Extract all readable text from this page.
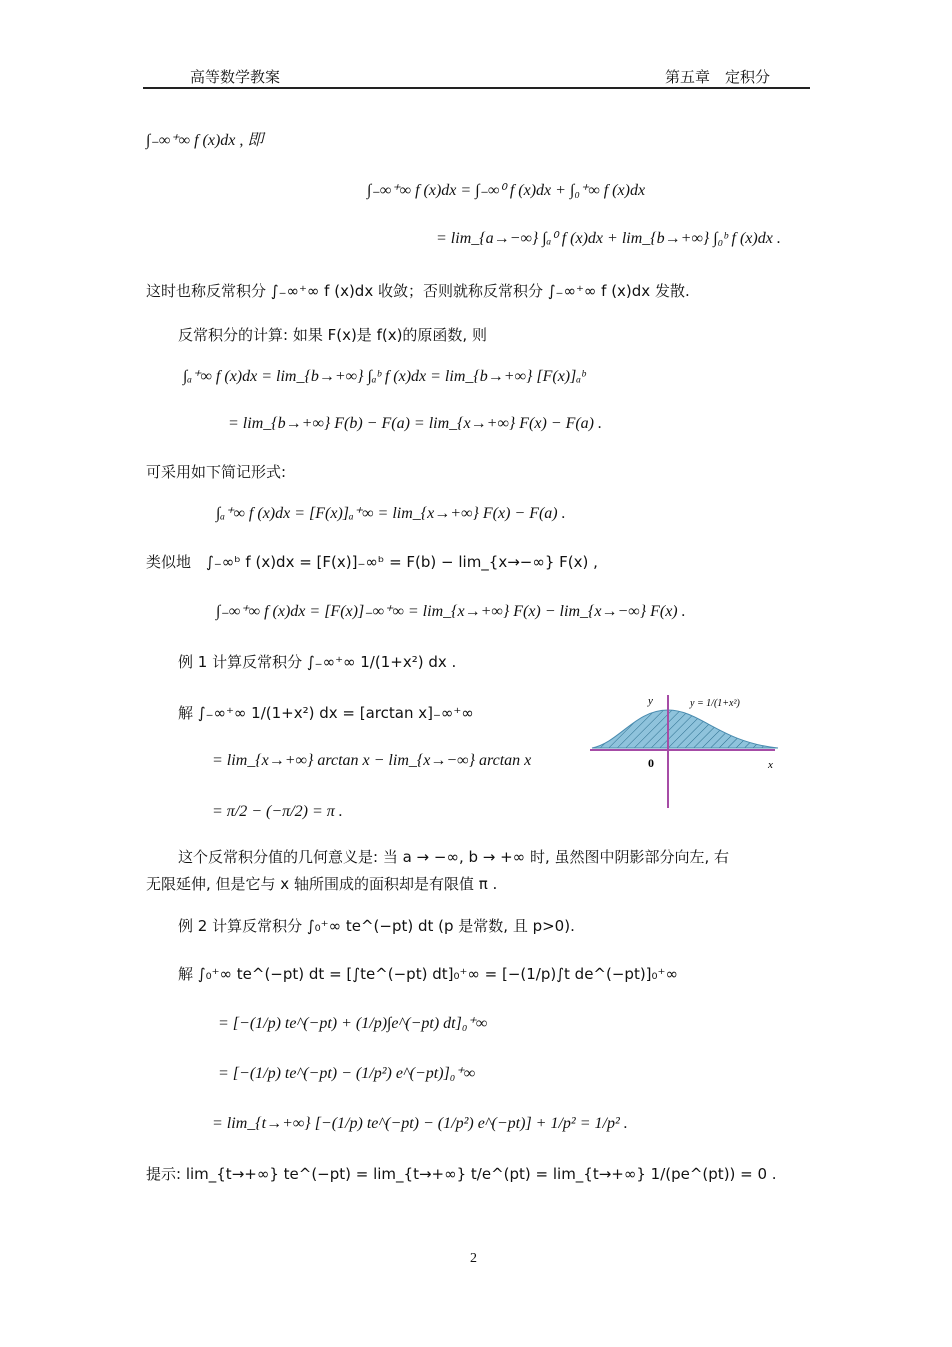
高等数学教案	第五章　定积分
∫₋∞⁺∞ f (x)dx , 即
∫₋∞⁺∞ f (x)dx = ∫₋∞⁰ f (x)dx + ∫₀⁺∞ f (x)dx
= lim_{a→−∞} ∫ₐ⁰ f (x)dx + lim_{b→+∞} ∫₀ᵇ f (x)dx .
这时也称反常积分 ∫₋∞⁺∞ f (x)dx 收敛；否则就称反常积分 ∫₋∞⁺∞ f (x)dx 发散.
反常积分的计算: 如果 F(x)是 f(x)的原函数, 则
∫ₐ⁺∞ f (x)dx = lim_{b→+∞} ∫ₐᵇ f (x)dx = lim_{b→+∞} [F(x)]ₐᵇ
= lim_{b→+∞} F(b) − F(a) = lim_{x→+∞} F(x) − F(a) .
可采用如下简记形式:
∫ₐ⁺∞ f (x)dx = [F(x)]ₐ⁺∞ = lim_{x→+∞} F(x) − F(a) .
类似地　∫₋∞ᵇ f (x)dx = [F(x)]₋∞ᵇ = F(b) − lim_{x→−∞} F(x) ,
∫₋∞⁺∞ f (x)dx = [F(x)]₋∞⁺∞ = lim_{x→+∞} F(x) − lim_{x→−∞} F(x) .
例 1 计算反常积分 ∫₋∞⁺∞ 1/(1+x²) dx .
解 ∫₋∞⁺∞ 1/(1+x²) dx = [arctan x]₋∞⁺∞
= lim_{x→+∞} arctan x − lim_{x→−∞} arctan x
= π/2 − (−π/2) = π .
这个反常积分值的几何意义是: 当 a → −∞, b → +∞ 时, 虽然图中阴影部分向左, 右
无限延伸, 但是它与 x 轴所围成的面积却是有限值 π .
例 2 计算反常积分 ∫₀⁺∞ te^(−pt) dt (p 是常数, 且 p>0).
解 ∫₀⁺∞ te^(−pt) dt = [∫te^(−pt) dt]₀⁺∞ = [−(1/p)∫t de^(−pt)]₀⁺∞
= [−(1/p) te^(−pt) + (1/p)∫e^(−pt) dt]₀⁺∞
= [−(1/p) te^(−pt) − (1/p²) e^(−pt)]₀⁺∞
= lim_{t→+∞} [−(1/p) te^(−pt) − (1/p²) e^(−pt)] + 1/p² = 1/p² .
提示: lim_{t→+∞} te^(−pt) = lim_{t→+∞} t/e^(pt) = lim_{t→+∞} 1/(pe^(pt)) = 0 .
y
x
0
y = 1/(1+x²)
2
